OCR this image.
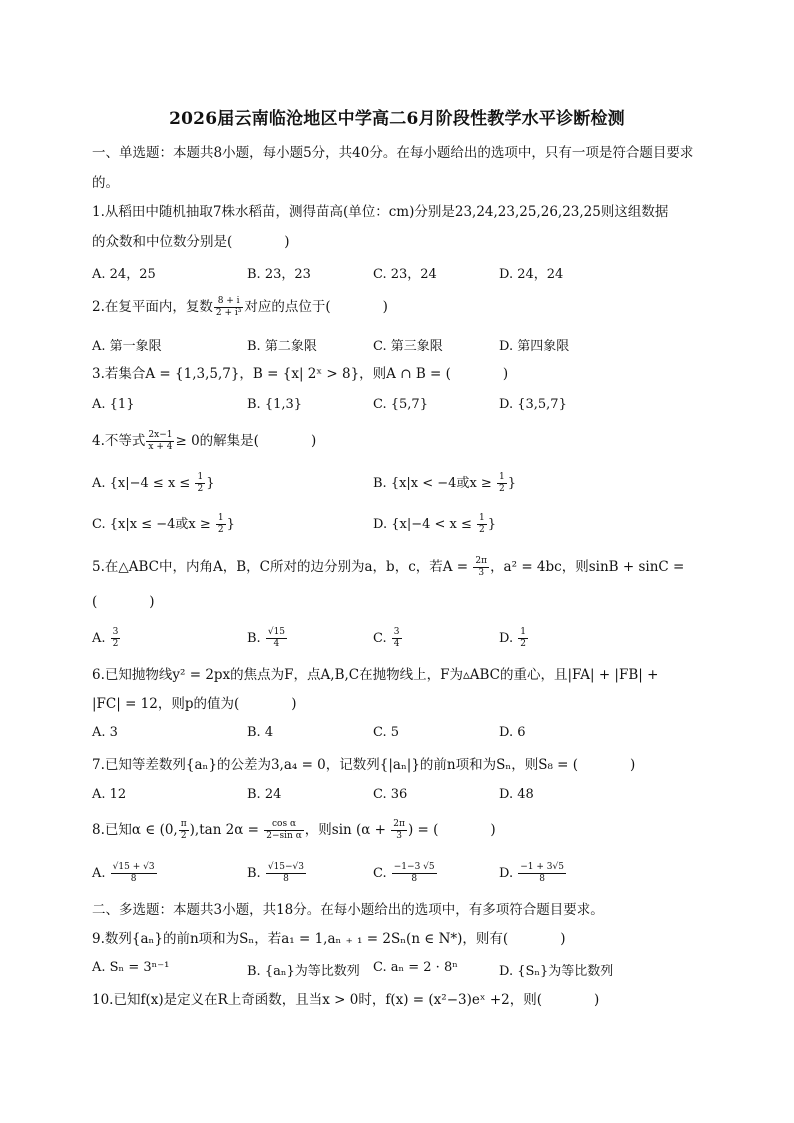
2026届云南临沧地区中学高二6月阶段性教学水平诊断检测
一、单选题：本题共8小题，每小题5分，共40分。在每小题给出的选项中，只有一项是符合题目要求的。
1.从稻田中随机抽取7株水稻苗，测得苗高(单位：cm)分别是23,24,23,25,26,23,25则这组数据
的众数和中位数分别是(	)
A. 24，25	B. 23，23	C. 23，24	D. 24，24
2.在复平面内，复数 $\frac{8 + i}{\text{2 + i³}}$ 对应的点位于(	)
A. 第一象限	B. 第二象限	C. 第三象限	D. 第四象限
3.若集合A = {1,3,5,7}，B = {x| 2ˣ > 8}，则A ∩ B = (	)
A. {1}	B. {1,3}	C. {5,7}	D. {3,5,7}
4.不等式 $\frac{2x-1}{x + 4} \ge 0$的解集是(	)
A. {$x|-4 \le x \le \frac{1}{2}$ }	B. {x|x < −4或$x \ge \frac{1}{2}$ }
C. {x|x ≤ −4或$x \ge \frac{1}{2}$ }	D. {$x|-4 < x \le \frac{1}{2}$ }
5.在△ABC中，内角A，B，C所对的边分别为a，b，c，若$A = \frac{2\pi}{3}$ ，a² = 4bc，则sinB + sinC =
(	)
A. $\frac{3}{2}$	B. $\frac{√15}{4}$	C. $\frac{3}{4}$	D. $\frac{1}{2}$
6.已知抛物线y² = 2px的焦点为F，点A,B,C在抛物线上，F为▵ABC的重心，且|FA| + |FB| +
|FC| = 12，则p的值为(	)
A. 3	B. 4	C. 5	D. 6
7.已知等差数列{aₙ}的公差为3,a₄ = 0，记数列{|aₙ|}的前n项和为Sₙ，则S₈ = (	)
A. 12	B. 24	C. 36	D. 48
8.已知α ∈ (0, $\frac{\pi}{2} ),\tan$ $2\alpha = \frac{\text{cos α}}{\text{2−sin α}}$ ，则$\sin (\alpha + \frac{2\pi}{3}$ ) = (	)
A. $\frac{√15 + √3}{8}$	B. $\frac{√15-√3}{8}$	C. $\frac{-1-3 √5}{8}$	D. $\frac{-1 + 3√5}{8}$
二、多选题：本题共3小题，共18分。在每小题给出的选项中，有多项符合题目要求。
9.数列{aₙ}的前n项和为Sₙ，若a₁ = 1,aₙ ₊ ₁ = 2Sₙ(n ∈ N*)，则有(	)
A. Sₙ = 3ⁿ⁻¹	B. {aₙ}为等比数列 C. aₙ = 2 · 8ⁿ	D. {Sₙ}为等比数列
10.已知f(x)是定义在R上奇函数，且当x > 0时，f(x) = (x²−3)eˣ +2，则(	)
